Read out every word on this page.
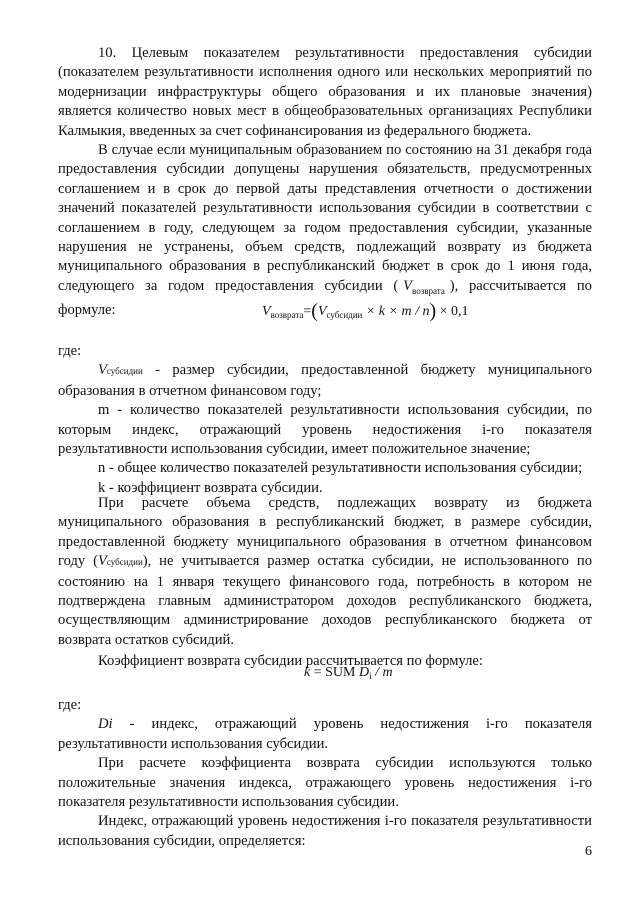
10. Целевым показателем результативности предоставления субсидии (показателем результативности исполнения одного или нескольких мероприятий по модернизации инфраструктуры общего образования и их плановые значения) является количество новых мест в общеобразовательных организациях Республики Калмыкия, введенных за счет софинансирования из федерального бюджета.

В случае если муниципальным образованием по состоянию на 31 декабря года предоставления субсидии допущены нарушения обязательств, предусмотренных соглашением и в срок до первой даты представления отчетности о достижении значений показателей результативности использования субсидии в соответствии с соглашением в году, следующем за годом предоставления субсидии, указанные нарушения не устранены, объем средств, подлежащий возврату из бюджета муниципального образования в республиканский бюджет в срок до 1 июня года, следующего за годом предоставления субсидии (  $V_{возврата}$  ), рассчитывается по формуле:	$V_{возврата}=(V_{субсидии} \times k \times m / n) \times 0,1$

где:

Vсубсидии - размер субсидии, предоставленной бюджету муниципального образования в отчетном финансовом году;

m - количество показателей результативности использования субсидии, по которым индекс, отражающий уровень недостижения i-го показателя результативности использования субсидии, имеет положительное значение;

n - общее количество показателей результативности использования субсидии;

k - коэффициент возврата субсидии.

При расчете объема средств, подлежащих возврату из бюджета муниципального образования в республиканский бюджет, в размере субсидии, предоставленной бюджету муниципального образования в отчетном финансовом году (Vсубсидии), не учитывается размер остатка субсидии, не использованного по состоянию на 1 января текущего финансового года, потребность в котором не подтверждена главным администратором доходов республиканского бюджета, осуществляющим администрирование доходов республиканского бюджета от возврата остатков субсидий.

Коэффициент возврата субсидии рассчитывается по формуле:

k = SUM $D_i$ / m

где:

Di - индекс, отражающий уровень недостижения i-го показателя результативности использования субсидии.

При расчете коэффициента возврата субсидии используются только положительные значения индекса, отражающего уровень недостижения i-го показателя результативности использования субсидии.

Индекс, отражающий уровень недостижения i-го показателя результативности использования субсидии, определяется:

6
